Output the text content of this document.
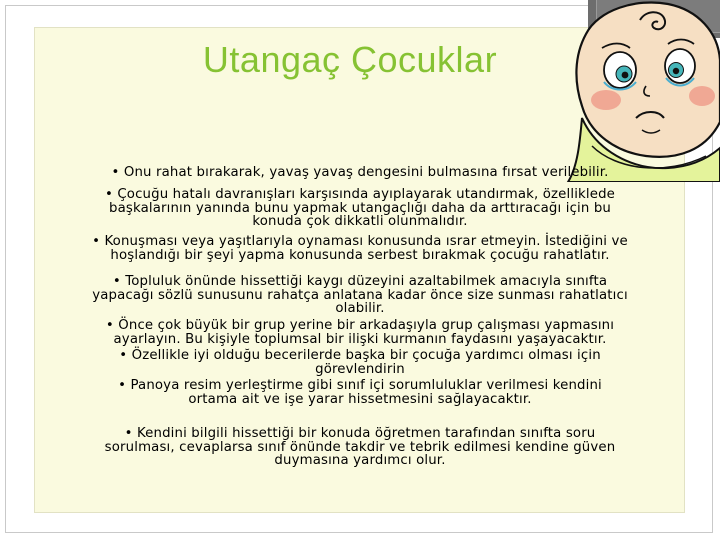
Utangaç Çocuklar

• Onu rahat bırakarak, yavaş yavaş dengesini bulmasına fırsat verilebilir.

• Çocuğu hatalı davranışları karşısında ayıplayarak utandırmak, özelliklede
başkalarının yanında bunu yapmak utangaçlığı daha da arttıracağı için bu
konuda çok dikkatli olunmalıdır.

• Konuşması veya yaşıtlarıyla oynaması konusunda ısrar etmeyin. İstediğini ve
hoşlandığı bir şeyi yapma konusunda serbest bırakmak çocuğu rahatlatır.

• Topluluk önünde hissettiği kaygı düzeyini azaltabilmek amacıyla sınıfta
yapacağı sözlü sunusunu rahatça anlatana kadar önce size sunması rahatlatıcı
olabilir.

• Önce çok büyük bir grup yerine bir arkadaşıyla grup çalışması yapmasını
ayarlayın. Bu kişiyle toplumsal bir ilişki kurmanın faydasını yaşayacaktır.

• Özellikle iyi olduğu becerilerde başka bir çocuğa yardımcı olması için
görevlendirin

• Panoya resim yerleştirme gibi sınıf içi sorumluluklar verilmesi kendini
ortama ait ve işe yarar hissetmesini sağlayacaktır.

• Kendini bilgili hissettiği bir konuda öğretmen tarafından sınıfta soru
sorulması, cevaplarsa sınıf önünde takdir ve tebrik edilmesi kendine güven
duymasına yardımcı olur.
